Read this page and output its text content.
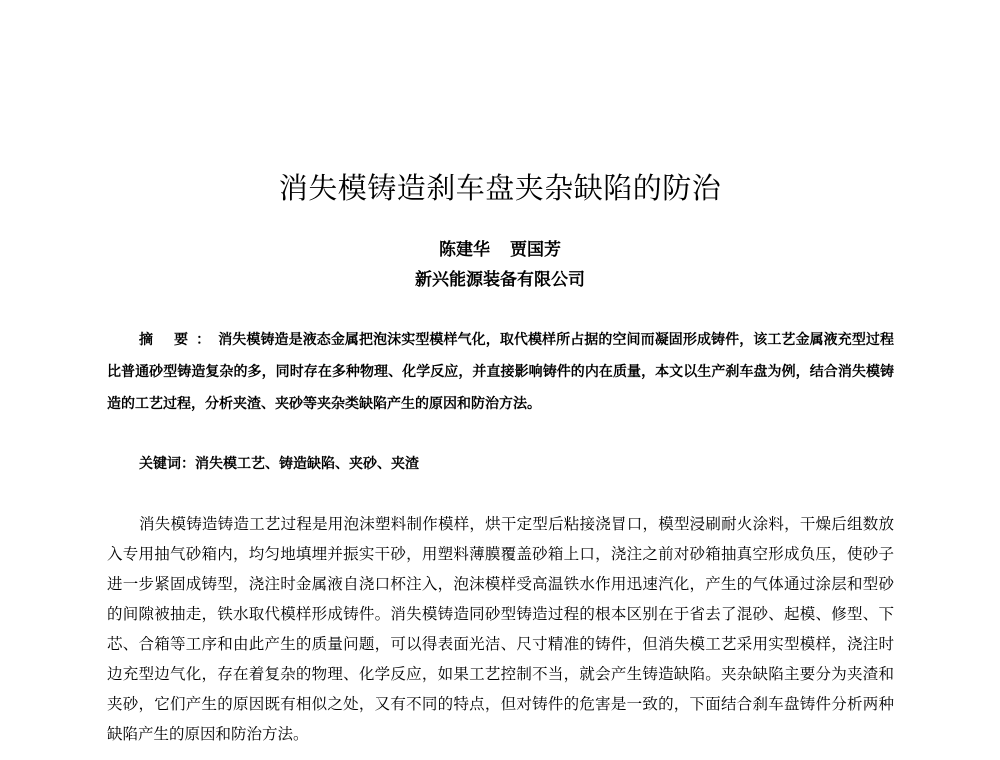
消失模铸造刹车盘夹杂缺陷的防治
陈建华 贾国芳
新兴能源装备有限公司

摘 要：消失模铸造是液态金属把泡沫实型模样气化，取代模样所占据的空间而凝固形成铸件，该工艺金属液充型过程比普通砂型铸造复杂的多，同时存在多种物理、化学反应，并直接影响铸件的内在质量，本文以生产刹车盘为例，结合消失模铸造的工艺过程，分析夹渣、夹砂等夹杂类缺陷产生的原因和防治方法。

关键词：消失模工艺、铸造缺陷、夹砂、夹渣

消失模铸造铸造工艺过程是用泡沫塑料制作模样，烘干定型后粘接浇冒口，模型浸刷耐火涂料，干燥后组数放入专用抽气砂箱内，均匀地填埋并振实干砂，用塑料薄膜覆盖砂箱上口，浇注之前对砂箱抽真空形成负压，使砂子进一步紧固成铸型，浇注时金属液自浇口杯注入，泡沫模样受高温铁水作用迅速汽化，产生的气体通过涂层和型砂的间隙被抽走，铁水取代模样形成铸件。消失模铸造同砂型铸造过程的根本区别在于省去了混砂、起模、修型、下芯、合箱等工序和由此产生的质量问题，可以得表面光洁、尺寸精准的铸件，但消失模工艺采用实型模样，浇注时边充型边气化，存在着复杂的物理、化学反应，如果工艺控制不当，就会产生铸造缺陷。夹杂缺陷主要分为夹渣和夹砂，它们产生的原因既有相似之处，又有不同的特点，但对铸件的危害是一致的，下面结合刹车盘铸件分析两种缺陷产生的原因和防治方法。
